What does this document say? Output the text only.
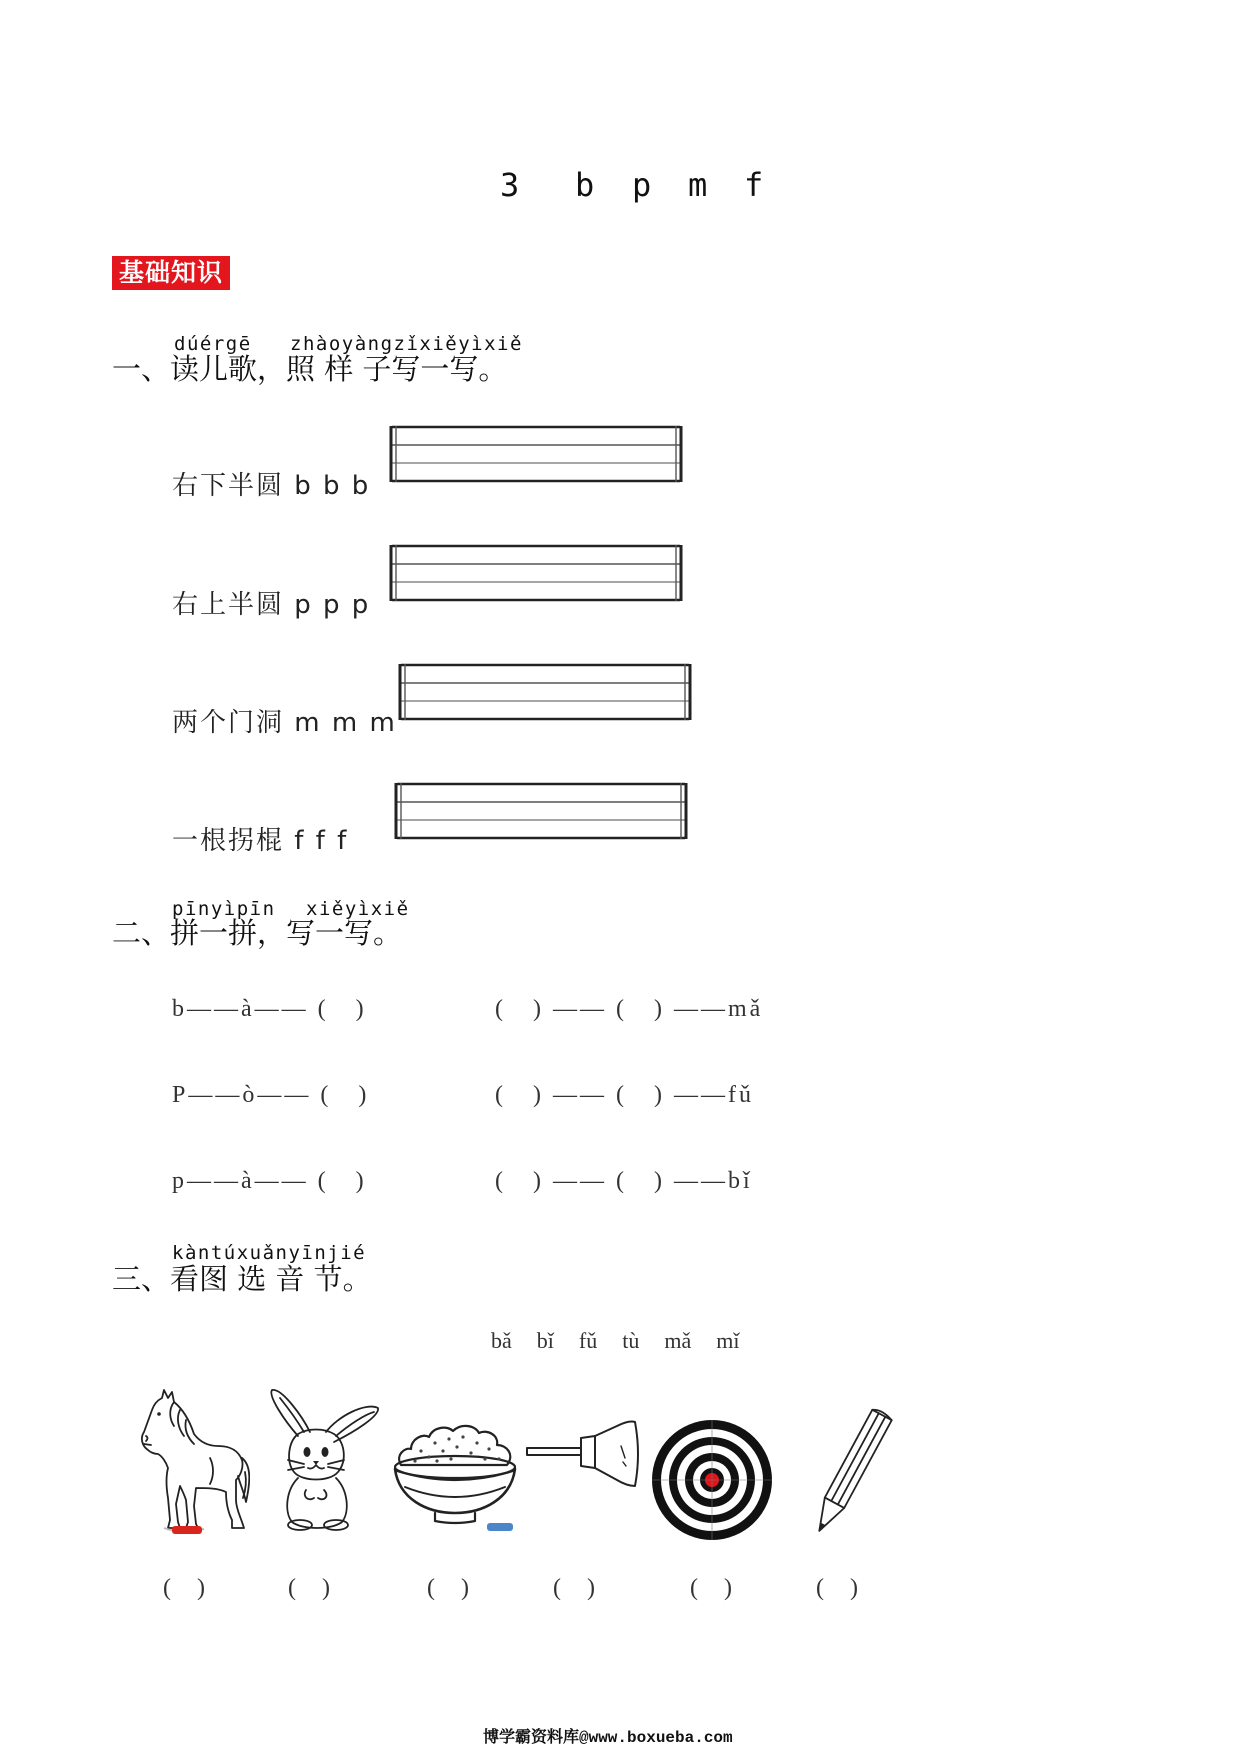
3 b p m f
基础知识
dúérgē zhàoyàngzǐxiěyìxiě
一、读儿歌，照 样 子写一写。
右下半圆 b b b
右上半圆 p p p
两个门洞 m m m
一根拐棍 f f f
pīnyìpīn xiěyìxiě
二、拼一拼，写一写。
b——à—— (   )	(   ) —— (   ) ——mǎ
P——ò—— (   )	(   ) —— (   ) ——fǔ
p——à—— (   )	(   ) —— (   ) ——bǐ
kàntúxuǎnyīnjié
三、看图 选 音 节。
bǎ bǐ fǔ tù mǎ mǐ
(   )	(   )	(   )	(   )	(   )	(   )
博学霸资料库@www.boxueba.com
